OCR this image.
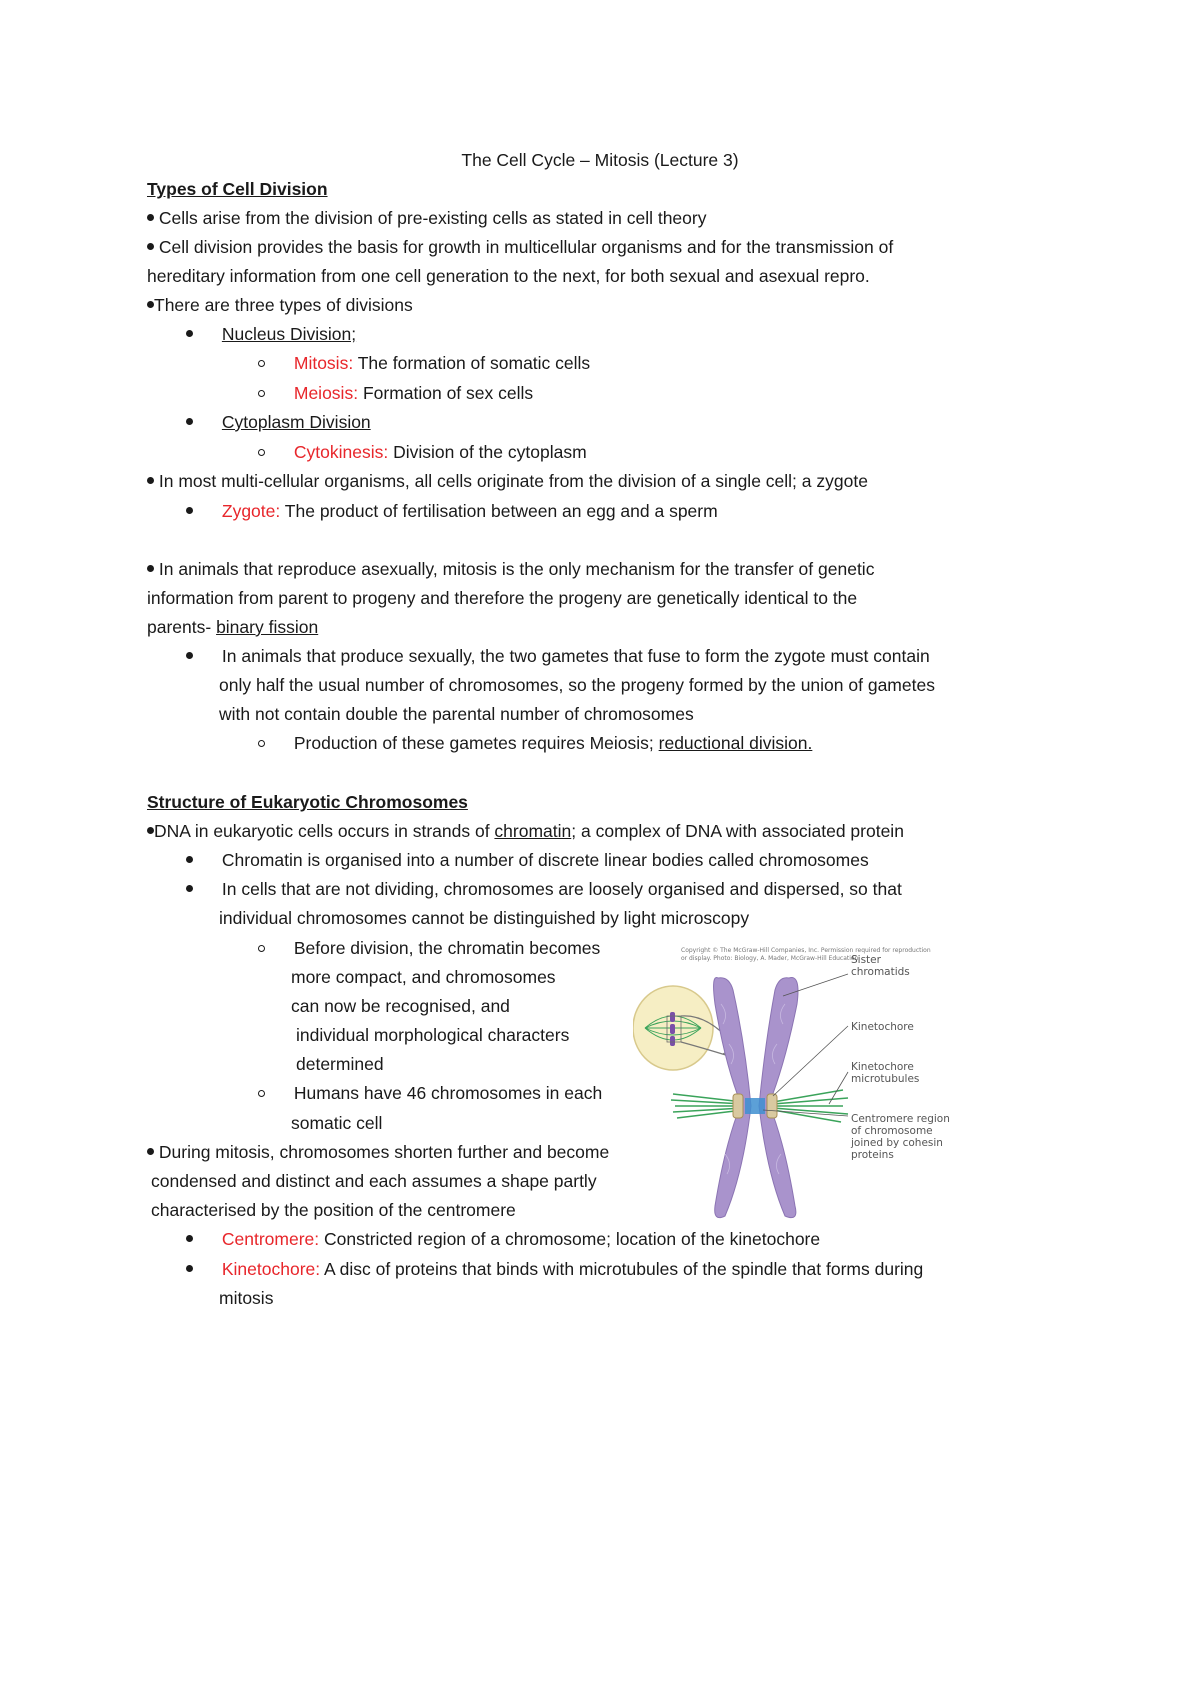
The Cell Cycle – Mitosis (Lecture 3)
Types of Cell Division
Cells arise from the division of pre-existing cells as stated in cell theory
Cell division provides the basis for growth in multicellular organisms and for the transmission of
hereditary information from one cell generation to the next, for both sexual and asexual repro.
There are three types of divisions
Nucleus Division;
Mitosis: The formation of somatic cells
Meiosis: Formation of sex cells
Cytoplasm Division
Cytokinesis: Division of the cytoplasm
In most multi-cellular organisms, all cells originate from the division of a single cell; a zygote
Zygote: The product of fertilisation between an egg and a sperm
In animals that reproduce asexually, mitosis is the only mechanism for the transfer of genetic
information from parent to progeny and therefore the progeny are genetically identical to the
parents- binary fission
In animals that produce sexually, the two gametes that fuse to form the zygote must contain
only half the usual number of chromosomes, so the progeny formed by the union of gametes
with not contain double the parental number of chromosomes
Production of these gametes requires Meiosis; reductional division.
Structure of Eukaryotic Chromosomes
DNA in eukaryotic cells occurs in strands of chromatin; a complex of DNA with associated protein
Chromatin is organised into a number of discrete linear bodies called chromosomes
In cells that are not dividing, chromosomes are loosely organised and dispersed, so that
individual chromosomes cannot be distinguished by light microscopy
Before division, the chromatin becomes
more compact, and chromosomes
can now be recognised, and
individual morphological characters
determined
Humans have 46 chromosomes in each
somatic cell
During mitosis, chromosomes shorten further and become
condensed and distinct and each assumes a shape partly
characterised by the position of the centromere
Centromere: Constricted region of a chromosome; location of the kinetochore
Kinetochore: A disc of proteins that binds with microtubules of the spindle that forms during
mitosis
Copyright © The McGraw-Hill Companies, Inc. Permission required for reproduction
or display. Photo: Biology, A. Mader, McGraw-Hill Education
Sister
chromatids
Kinetochore
Kinetochore
microtubules
Centromere region
of chromosome
joined by cohesin
proteins
